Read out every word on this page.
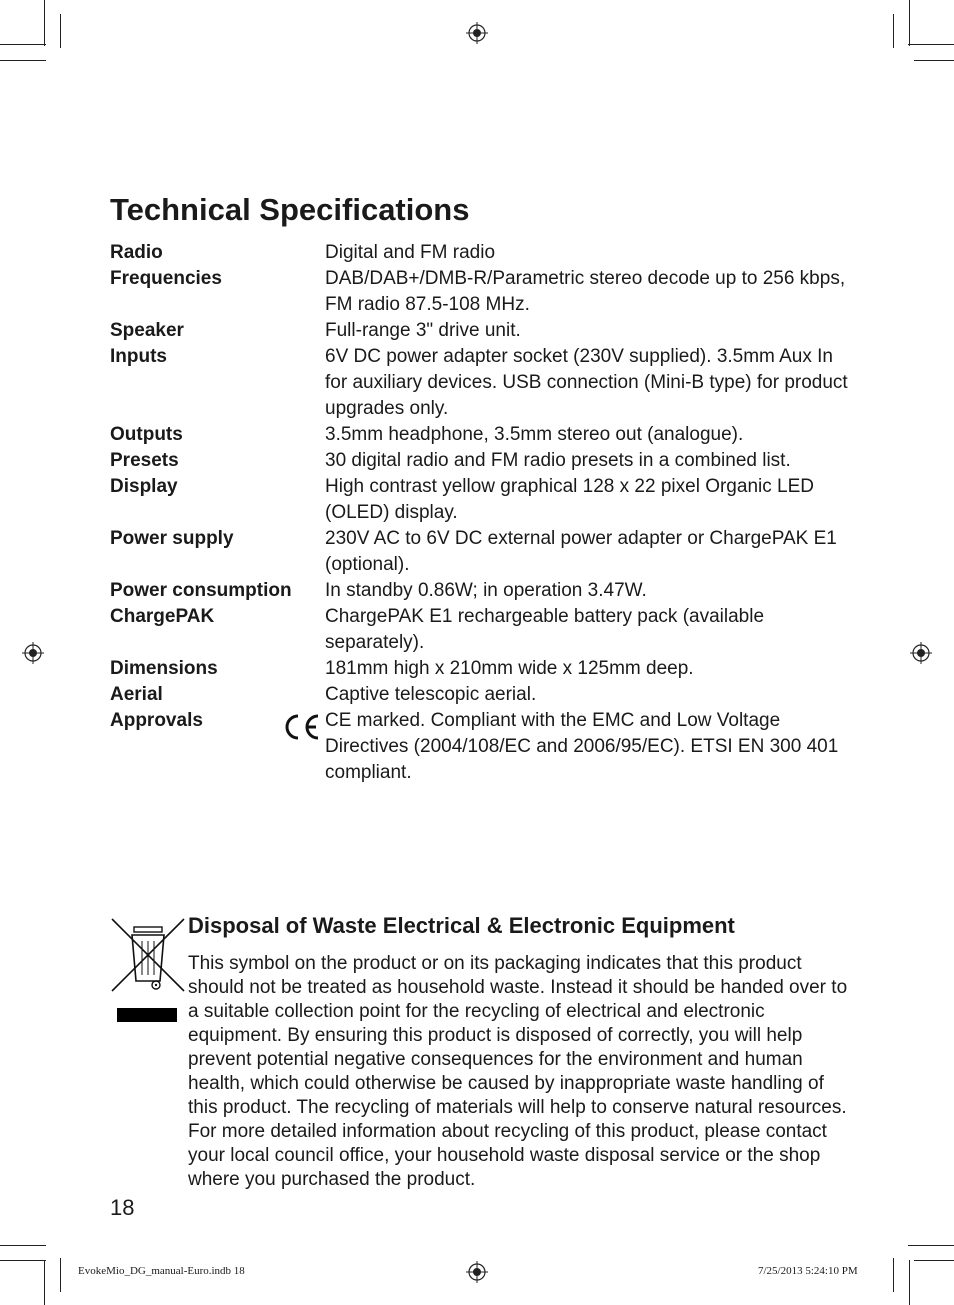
Technical Specifications
Radio	Digital and FM radio
Frequencies	DAB/DAB+/DMB-R/Parametric stereo decode up to 256 kbps, FM radio 87.5-108 MHz.
Speaker	Full-range 3" drive unit.
Inputs	6V DC power adapter socket (230V supplied). 3.5mm Aux In for auxiliary devices. USB connection (Mini-B type) for product upgrades only.
Outputs	3.5mm headphone, 3.5mm stereo out (analogue).
Presets	30 digital radio and FM radio presets in a combined list.
Display	High contrast yellow graphical 128 x 22 pixel Organic LED (OLED) display.
Power supply	230V AC to 6V DC external power adapter or ChargePAK E1 (optional).
Power consumption	In standby 0.86W; in operation 3.47W.
ChargePAK	ChargePAK E1 rechargeable battery pack (available separately).
Dimensions	181mm high x 210mm wide x 125mm deep.
Aerial	Captive telescopic aerial.
Approvals	CE marked. Compliant with the EMC and Low Voltage Directives (2004/108/EC and 2006/95/EC). ETSI EN 300 401 compliant.
Disposal of Waste Electrical & Electronic Equipment

This symbol on the product or on its packaging indicates that this product should not be treated as household waste. Instead it should be handed over to a suitable collection point for the recycling of electrical and electronic equipment. By ensuring this product is disposed of correctly, you will help prevent potential negative consequences for the environment and human health, which could otherwise be caused by inappropriate waste handling of this product. The recycling of materials will help to conserve natural resources. For more detailed information about recycling of this product, please contact your local council office, your household waste disposal service or the shop where you purchased the product.

18
EvokeMio_DG_manual-Euro.indb 18	7/25/2013 5:24:10 PM
